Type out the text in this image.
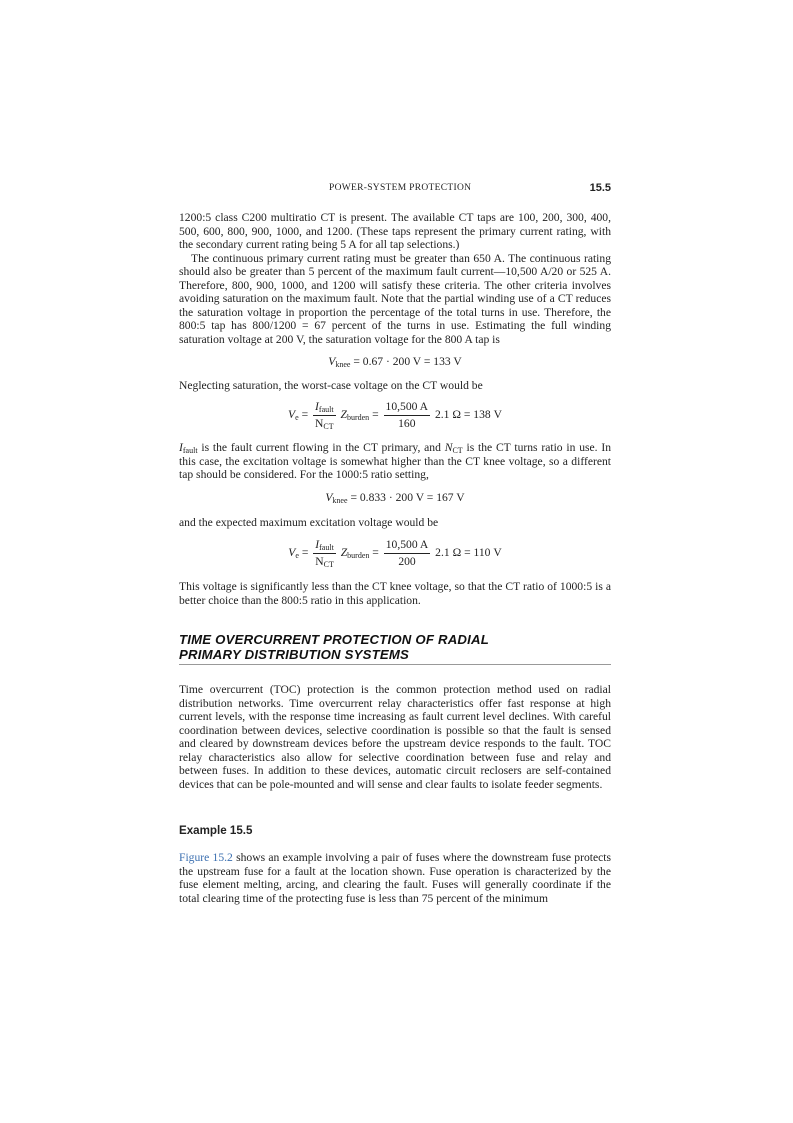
POWER-SYSTEM PROTECTION	15.5

1200:5 class C200 multiratio CT is present. The available CT taps are 100, 200, 300, 400, 500, 600, 800, 900, 1000, and 1200. (These taps represent the primary current rating, with the secondary current rating being 5 A for all tap selections.)

The continuous primary current rating must be greater than 650 A. The continuous rating should also be greater than 5 percent of the maximum fault current—10,500 A/20 or 525 A. Therefore, 800, 900, 1000, and 1200 will satisfy these criteria. The other criteria involves avoiding saturation on the maximum fault. Note that the partial winding use of a CT reduces the saturation voltage in proportion the percentage of the total turns in use. Therefore, the 800:5 tap has 800/1200 = 67 percent of the turns in use. Estimating the full winding saturation voltage at 200 V, the saturation voltage for the 800 A tap is

$V_{knee} = 0.67 \cdot 200$ V = 133 V

Neglecting saturation, the worst-case voltage on the CT would be

$V_e = \frac{I_{fault}}{N_{CT}} Z_{burden} = \frac{10,500 A}{160} 2.1$ Ω = 138 V

$I_{fault}$ is the fault current flowing in the CT primary, and $N_{CT}$ is the CT turns ratio in use. In this case, the excitation voltage is somewhat higher than the CT knee voltage, so a different tap should be considered. For the 1000:5 ratio setting,

$V_{knee} = 0.833 \cdot 200$ V = 167 V

and the expected maximum excitation voltage would be

$V_e = \frac{I_{fault}}{N_{CT}} Z_{burden} = \frac{10,500 A}{200} 2.1$ Ω = 110 V

This voltage is significantly less than the CT knee voltage, so that the CT ratio of 1000:5 is a better choice than the 800:5 ratio in this application.

TIME OVERCURRENT PROTECTION OF RADIAL
PRIMARY DISTRIBUTION SYSTEMS

Time overcurrent (TOC) protection is the common protection method used on radial distribution networks. Time overcurrent relay characteristics offer fast response at high current levels, with the response time increasing as fault current level declines. With careful coordination between devices, selective coordination is possible so that the fault is sensed and cleared by downstream devices before the upstream device responds to the fault. TOC relay characteristics also allow for selective coordination between fuse and relay and between fuses. In addition to these devices, automatic circuit reclosers are self-contained devices that can be pole-mounted and will sense and clear faults to isolate feeder segments.

Example 15.5

Figure 15.2 shows an example involving a pair of fuses where the downstream fuse protects the upstream fuse for a fault at the location shown. Fuse operation is characterized by the fuse element melting, arcing, and clearing the fault. Fuses will generally coordinate if the total clearing time of the protecting fuse is less than 75 percent of the minimum
